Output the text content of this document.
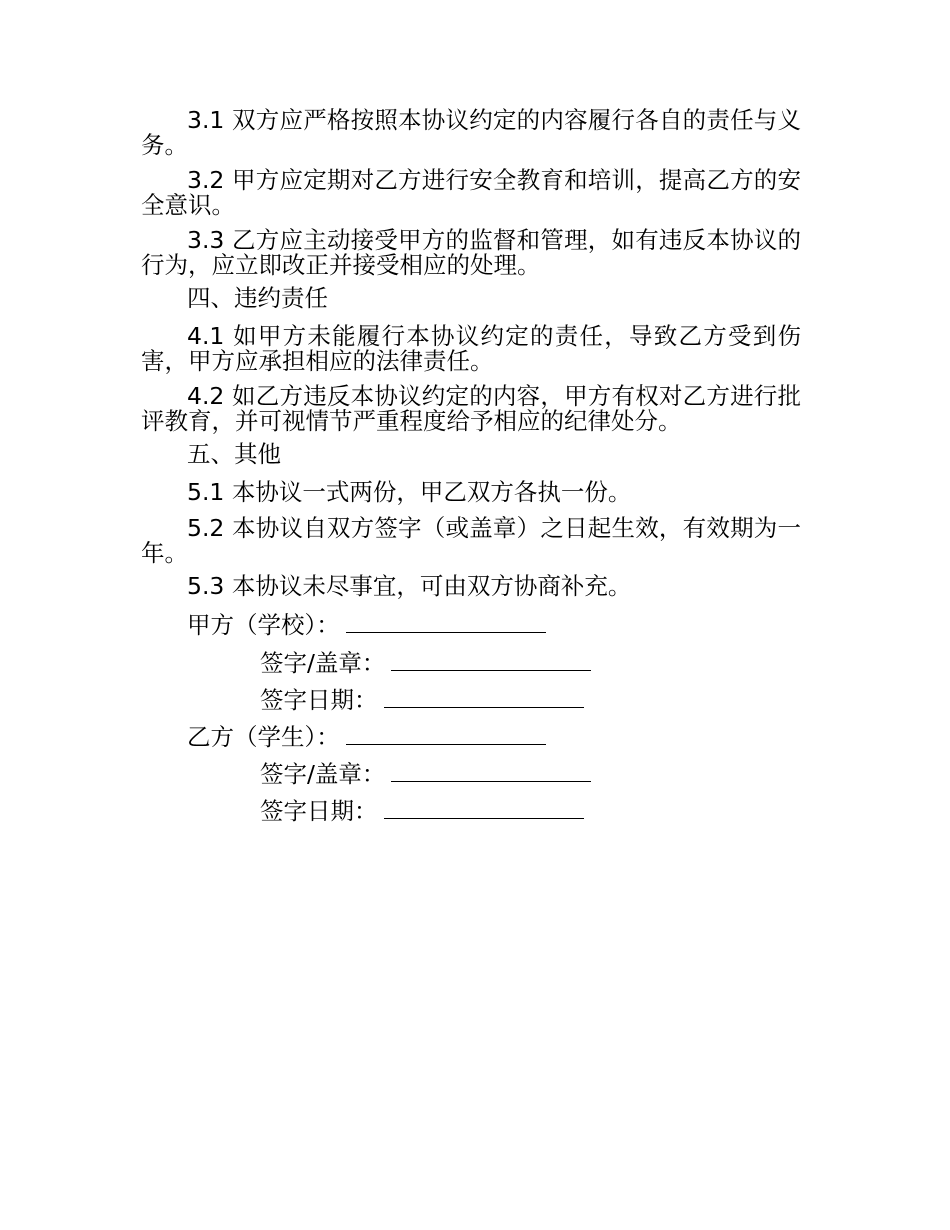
3.1 双方应严格按照本协议约定的内容履行各自的责任与义务。
3.2 甲方应定期对乙方进行安全教育和培训，提高乙方的安全意识。
3.3 乙方应主动接受甲方的监督和管理，如有违反本协议的行为，应立即改正并接受相应的处理。
四、违约责任
4.1 如甲方未能履行本协议约定的责任，导致乙方受到伤害，甲方应承担相应的法律责任。
4.2 如乙方违反本协议约定的内容，甲方有权对乙方进行批评教育，并可视情节严重程度给予相应的纪律处分。
五、其他
5.1 本协议一式两份，甲乙双方各执一份。
5.2 本协议自双方签字（或盖章）之日起生效，有效期为一年。
5.3 本协议未尽事宜，可由双方协商补充。
甲方（学校）：
签字/盖章：
签字日期：
乙方（学生）：
签字/盖章：
签字日期：
